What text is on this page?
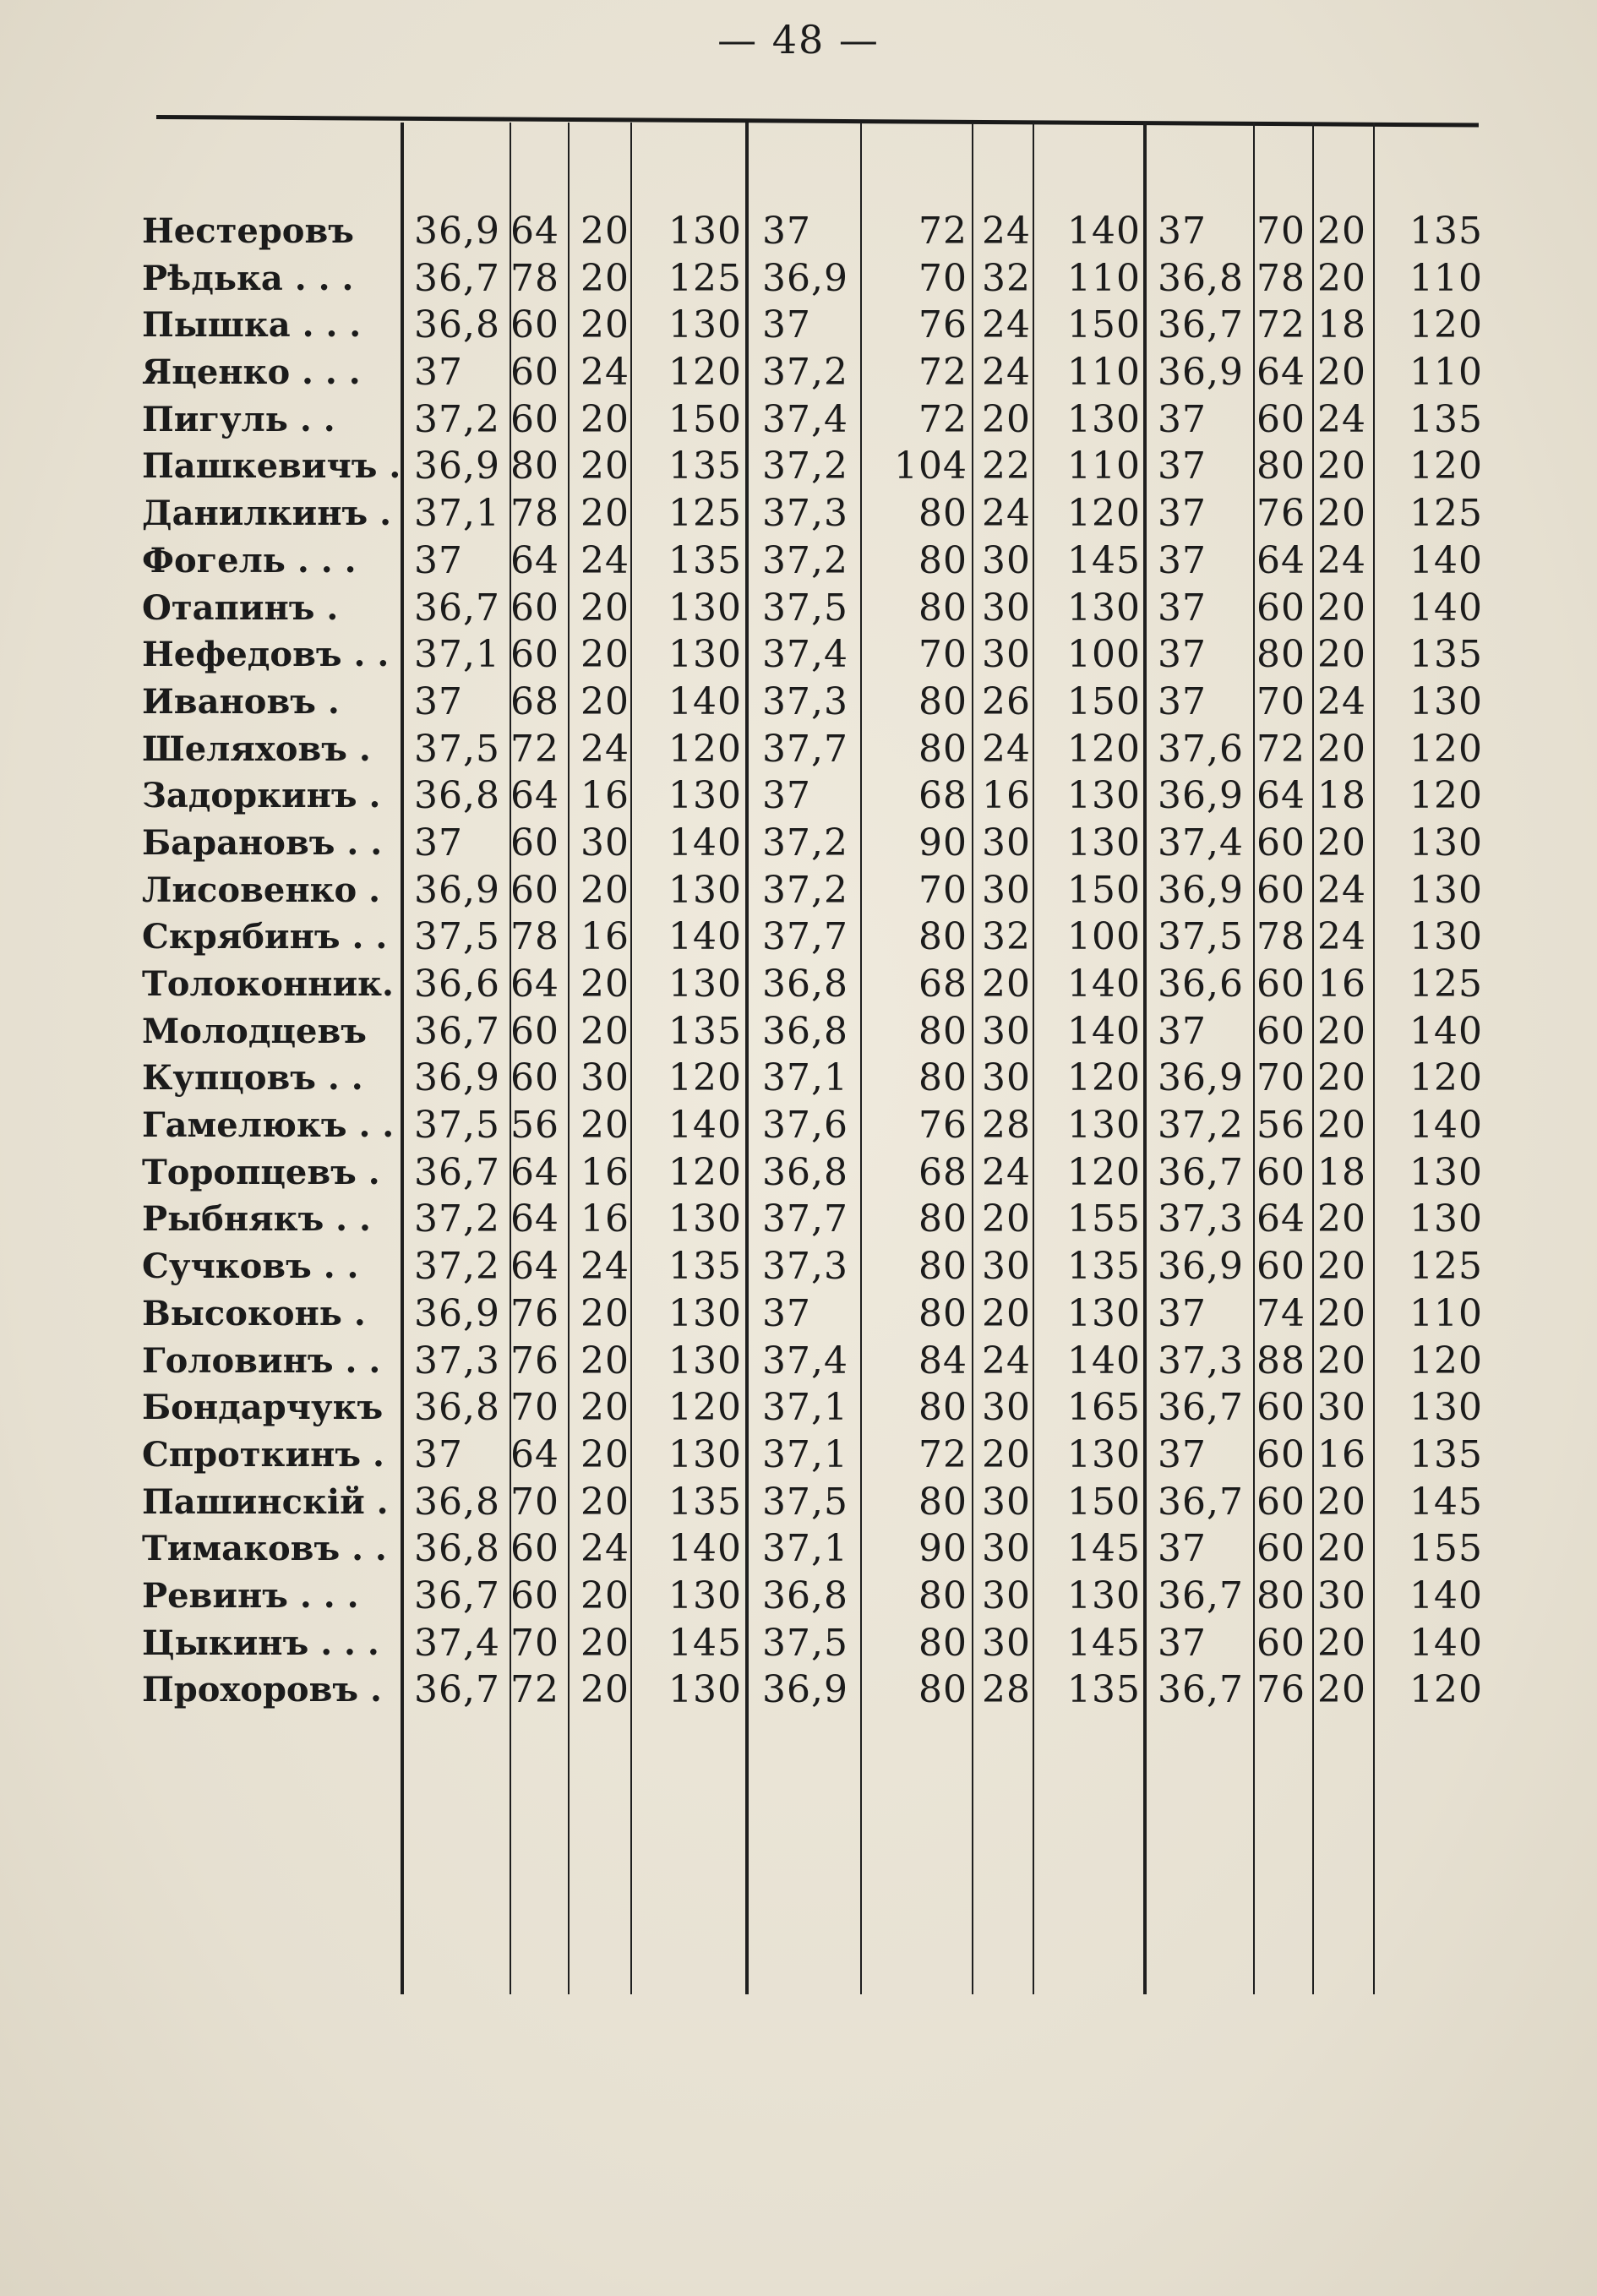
— 48 —
Нестеровъ	36,9 64 20	130 37	72 24 140 37	70 20	135
Рѣдька . . .	36,7 78 20	125 36,9	70 32 110 36,8 78 20	110
Пышка . . .	36,8 60 20	130 37	76 24 150 36,7 72 18	120
Яценко . . .	37	60 24	120 37,2	72 24 110 36,9 64 20	110
Пигуль . .	37,2 60 20	150 37,4	72 20 130 37	60 24	135
Пашкевичъ . 36,9 80 20	135 37,2	104 22 110 37	80 20	120
Данилкинъ . 37,1 78 20	125 37,3	80 24 120 37	76 20	125
Фогель . . .	37	64 24	135 37,2	80 30 145 37	64 24	140
Отапинъ .	36,7 60 20	130 37,5	80 30 130 37	60 20	140
Нефедовъ . . 37,1 60 20	130 37,4	70 30 100 37	80 20	135
Ивановъ .	37	68 20	140 37,3	80 26 150 37	70 24	130
Шеляховъ .	37,5 72 24	120 37,7	80 24 120 37,6 72 20	120
Задоркинъ . 36,8 64 16	130 37	68 16 130 36,9 64 18	120
Барановъ . . 37	60 30	140 37,2	90 30 130 37,4 60 20	130
Лисовенко . 36,9 60 20	130 37,2	70 30 150 36,9 60 24	130
Скрябинъ . . 37,5 78 16	140 37,7	80 32 100 37,5 78 24	130
Толоконник. 36,6 64 20	130 36,8	68 20 140 36,6 60 16	125
Молодцевъ	36,7 60 20	135 36,8	80 30 140 37	60 20	140
Купцовъ . .	36,9 60 30	120 37,1	80 30 120 36,9 70 20	120
Гамелюкъ . . 37,5 56 20	140 37,6	76 28 130 37,2 56 20	140
Торопцевъ . 36,7 64 16	120 36,8	68 24 120 36,7 60 18	130
Рыбнякъ . .	37,2 64 16	130 37,7	80 20 155 37,3 64 20	130
Сучковъ . .	37,2 64 24	135 37,3	80 30 135 36,9 60 20	125
Высоконь .	36,9 76 20	130 37	80 20 130 37	74 20	110
Головинъ . . 37,3 76 20	130 37,4	84 24 140 37,3 88 20	120
Бондарчукъ 36,8 70 20	120 37,1	80 30 165 36,7 60 30	130
Спроткинъ . 37	64 20	130 37,1	72 20 130 37	60 16	135
Пашинскій . 36,8 70 20	135 37,5	80 30 150 36,7 60 20	145
Тимаковъ . . 36,8 60 24	140 37,1	90 30 145 37	60 20	155
Ревинъ . . .	36,7 60 20	130 36,8	80 30 130 36,7 80 30	140
Цыкинъ . . . 37,4 70 20	145 37,5	80 30 145 37	60 20	140
Прохоровъ . 36,7 72 20	130 36,9	80 28 135 36,7 76 20	120
